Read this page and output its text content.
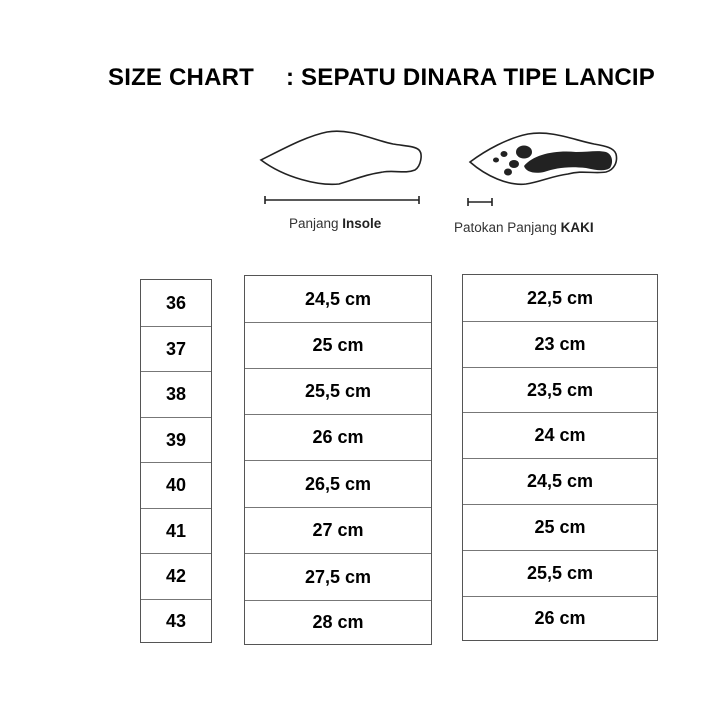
SIZE CHART : SEPATU DINARA TIPE LANCIP
Panjang Insole	Patokan Panjang KAKI
36
37
38
39
40
41
42
43
24,5 cm
25 cm
25,5 cm
26 cm
26,5 cm
27 cm
27,5 cm
28 cm
22,5 cm
23 cm
23,5 cm
24 cm
24,5 cm
25 cm
25,5 cm
26 cm
